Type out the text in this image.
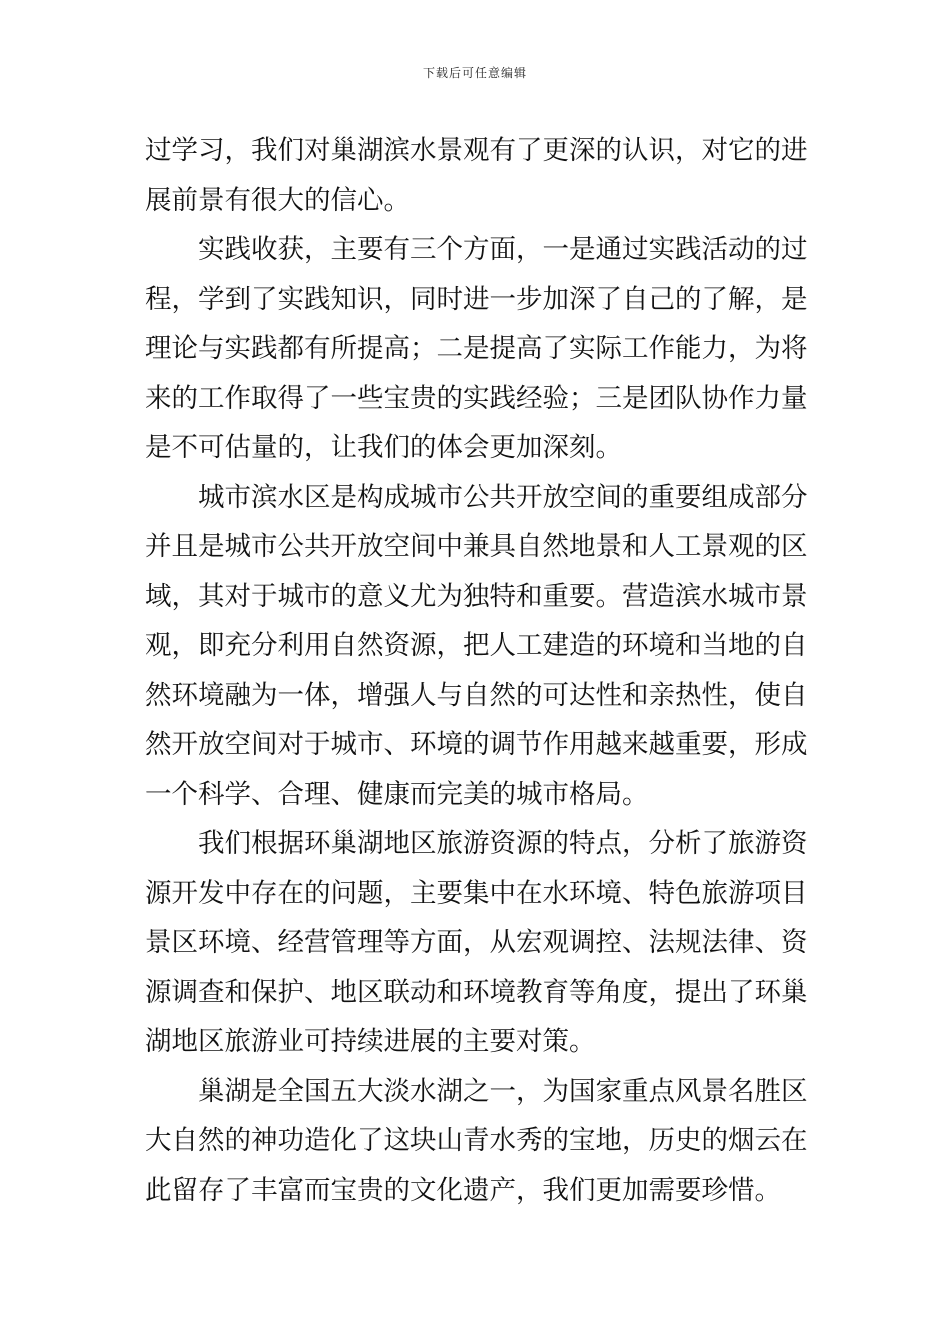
下载后可任意编辑
过学习，我们对巢湖滨水景观有了更深的认识，对它的进
展前景有很大的信心。
实践收获，主要有三个方面，一是通过实践活动的过
程，学到了实践知识，同时进一步加深了自己的了解，是
理论与实践都有所提高；二是提高了实际工作能力，为将
来的工作取得了一些宝贵的实践经验；三是团队协作力量
是不可估量的，让我们的体会更加深刻。
城市滨水区是构成城市公共开放空间的重要组成部分
并且是城市公共开放空间中兼具自然地景和人工景观的区
域，其对于城市的意义尤为独特和重要。营造滨水城市景
观，即充分利用自然资源，把人工建造的环境和当地的自
然环境融为一体，增强人与自然的可达性和亲热性，使自
然开放空间对于城市、环境的调节作用越来越重要，形成
一个科学、合理、健康而完美的城市格局。
我们根据环巢湖地区旅游资源的特点，分析了旅游资
源开发中存在的问题，主要集中在水环境、特色旅游项目
景区环境、经营管理等方面，从宏观调控、法规法律、资
源调查和保护、地区联动和环境教育等角度，提出了环巢
湖地区旅游业可持续进展的主要对策。
巢湖是全国五大淡水湖之一，为国家重点风景名胜区
大自然的神功造化了这块山青水秀的宝地，历史的烟云在
此留存了丰富而宝贵的文化遗产，我们更加需要珍惜。
